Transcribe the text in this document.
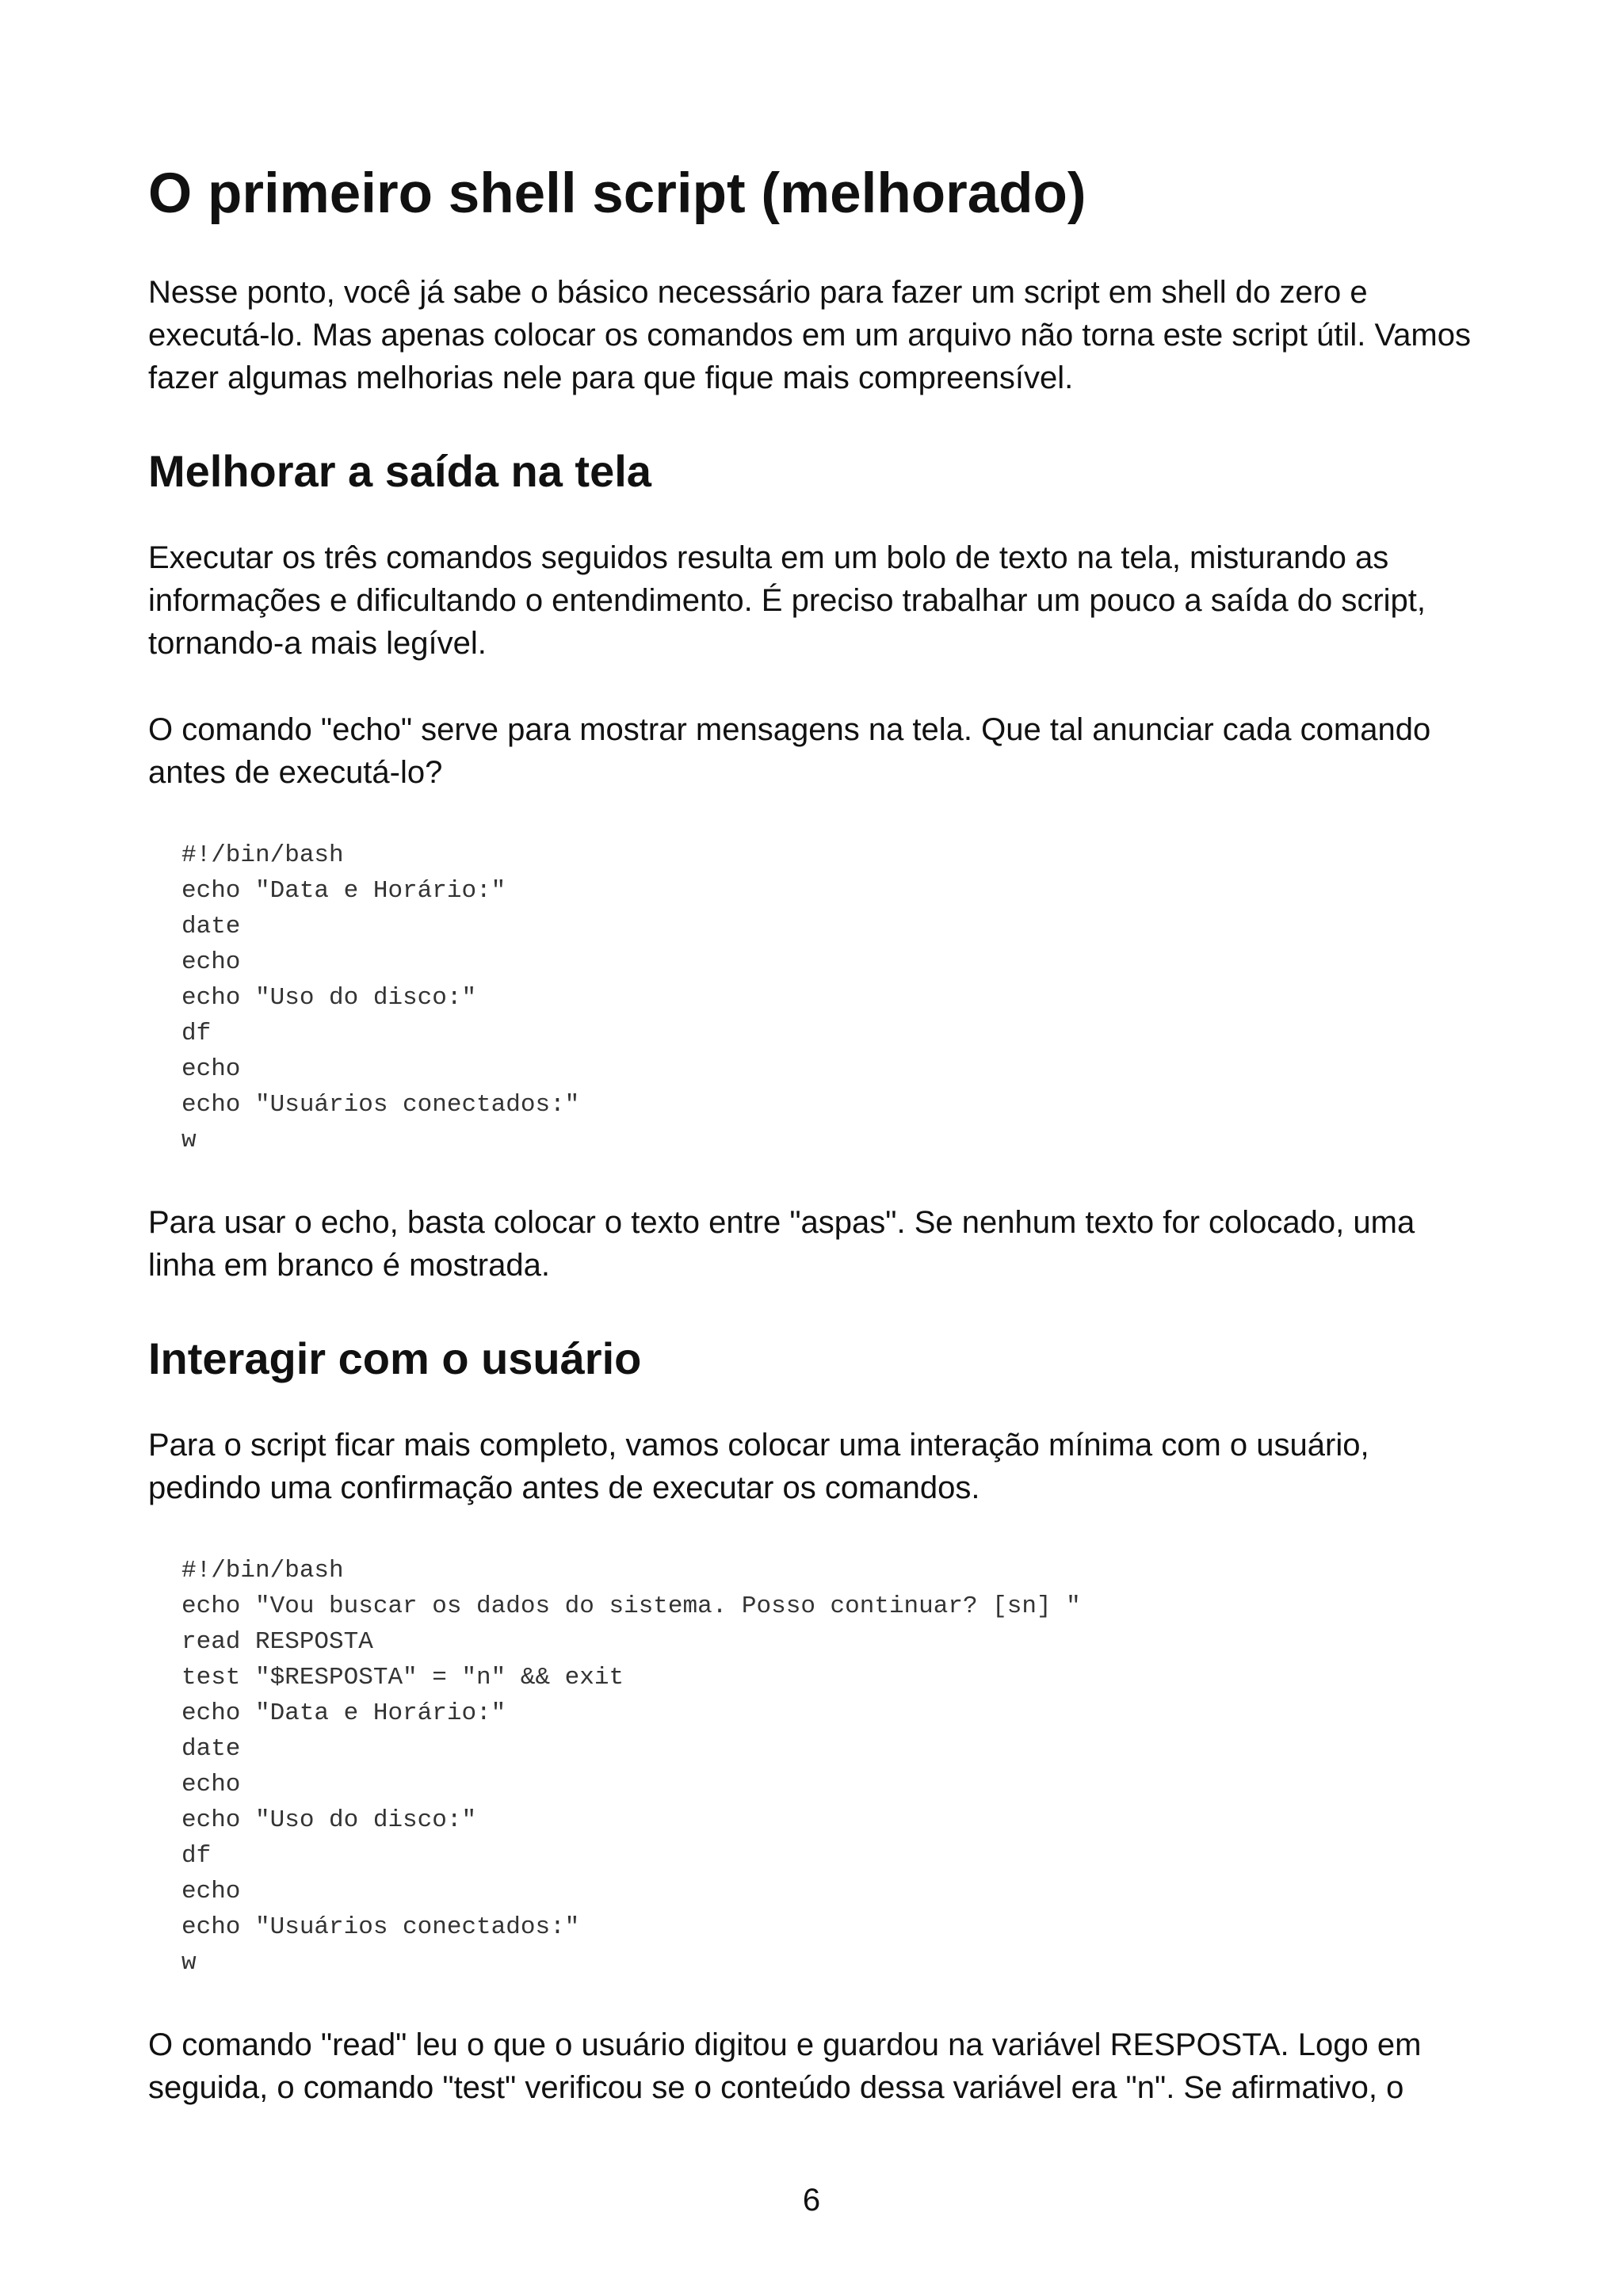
O primeiro shell script (melhorado)

Nesse ponto, você já sabe o básico necessário para fazer um script em shell do zero e executá-lo. Mas apenas colocar os comandos em um arquivo não torna este script útil. Vamos fazer algumas melhorias nele para que fique mais compreensível.

Melhorar a saída na tela

Executar os três comandos seguidos resulta em um bolo de texto na tela, misturando as informações e dificultando o entendimento. É preciso trabalhar um pouco a saída do script, tornando-a mais legível.

O comando "echo" serve para mostrar mensagens na tela. Que tal anunciar cada comando antes de executá-lo?

#!/bin/bash
echo "Data e Horário:"
date
echo
echo "Uso do disco:"
df
echo
echo "Usuários conectados:"
w

Para usar o echo, basta colocar o texto entre "aspas". Se nenhum texto for colocado, uma linha em branco é mostrada.

Interagir com o usuário

Para o script ficar mais completo, vamos colocar uma interação mínima com o usuário, pedindo uma confirmação antes de executar os comandos.

#!/bin/bash
echo "Vou buscar os dados do sistema. Posso continuar? [sn] "
read RESPOSTA
test "$RESPOSTA" = "n" && exit
echo "Data e Horário:"
date
echo
echo "Uso do disco:"
df
echo
echo "Usuários conectados:"
w

O comando "read" leu o que o usuário digitou e guardou na variável RESPOSTA. Logo em seguida, o comando "test" verificou se o conteúdo dessa variável era "n". Se afirmativo, o

6
